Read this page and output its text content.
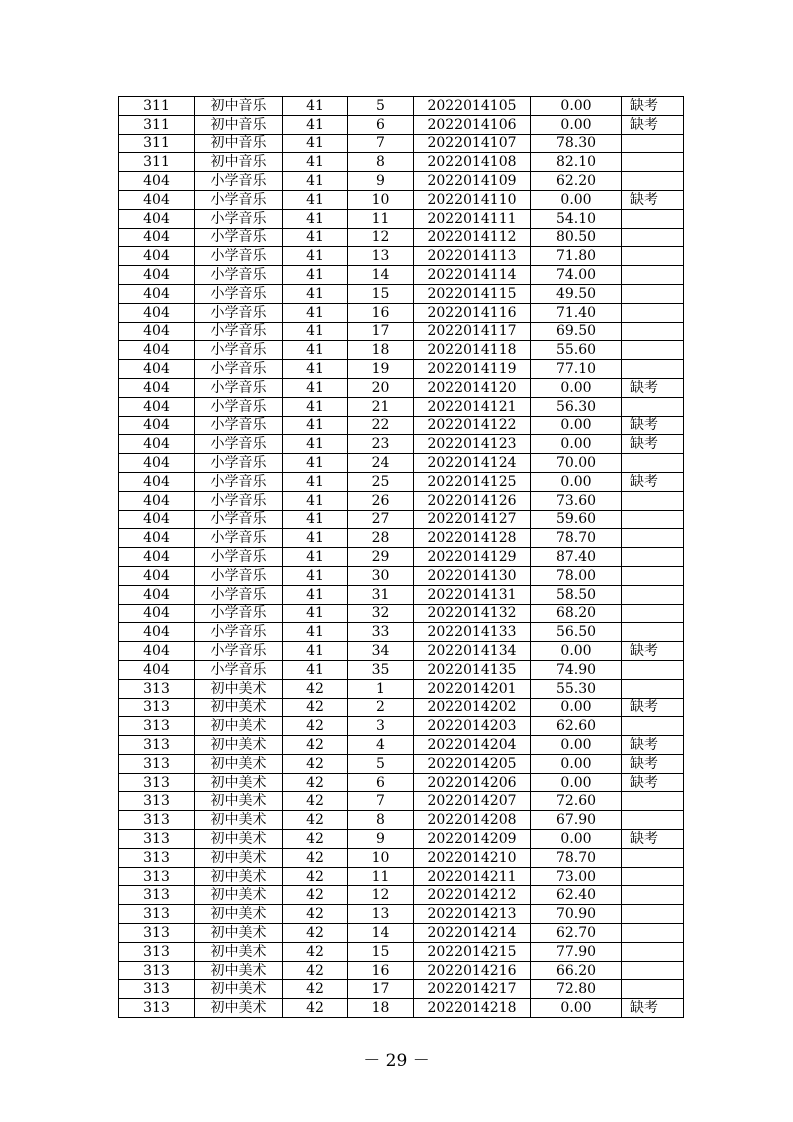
311	初中音乐	41	5	2022014105	0.00	缺考
311	初中音乐	41	6	2022014106	0.00	缺考
311	初中音乐	41	7	2022014107	78.30	
311	初中音乐	41	8	2022014108	82.10	
404	小学音乐	41	9	2022014109	62.20	
404	小学音乐	41	10	2022014110	0.00	缺考
404	小学音乐	41	11	2022014111	54.10	
404	小学音乐	41	12	2022014112	80.50	
404	小学音乐	41	13	2022014113	71.80	
404	小学音乐	41	14	2022014114	74.00	
404	小学音乐	41	15	2022014115	49.50	
404	小学音乐	41	16	2022014116	71.40	
404	小学音乐	41	17	2022014117	69.50	
404	小学音乐	41	18	2022014118	55.60	
404	小学音乐	41	19	2022014119	77.10	
404	小学音乐	41	20	2022014120	0.00	缺考
404	小学音乐	41	21	2022014121	56.30	
404	小学音乐	41	22	2022014122	0.00	缺考
404	小学音乐	41	23	2022014123	0.00	缺考
404	小学音乐	41	24	2022014124	70.00	
404	小学音乐	41	25	2022014125	0.00	缺考
404	小学音乐	41	26	2022014126	73.60	
404	小学音乐	41	27	2022014127	59.60	
404	小学音乐	41	28	2022014128	78.70	
404	小学音乐	41	29	2022014129	87.40	
404	小学音乐	41	30	2022014130	78.00	
404	小学音乐	41	31	2022014131	58.50	
404	小学音乐	41	32	2022014132	68.20	
404	小学音乐	41	33	2022014133	56.50	
404	小学音乐	41	34	2022014134	0.00	缺考
404	小学音乐	41	35	2022014135	74.90	
313	初中美术	42	1	2022014201	55.30	
313	初中美术	42	2	2022014202	0.00	缺考
313	初中美术	42	3	2022014203	62.60	
313	初中美术	42	4	2022014204	0.00	缺考
313	初中美术	42	5	2022014205	0.00	缺考
313	初中美术	42	6	2022014206	0.00	缺考
313	初中美术	42	7	2022014207	72.60	
313	初中美术	42	8	2022014208	67.90	
313	初中美术	42	9	2022014209	0.00	缺考
313	初中美术	42	10	2022014210	78.70	
313	初中美术	42	11	2022014211	73.00	
313	初中美术	42	12	2022014212	62.40	
313	初中美术	42	13	2022014213	70.90	
313	初中美术	42	14	2022014214	62.70	
313	初中美术	42	15	2022014215	77.90	
313	初中美术	42	16	2022014216	66.20	
313	初中美术	42	17	2022014217	72.80	
313	初中美术	42	18	2022014218	0.00	缺考
－ 29 －
